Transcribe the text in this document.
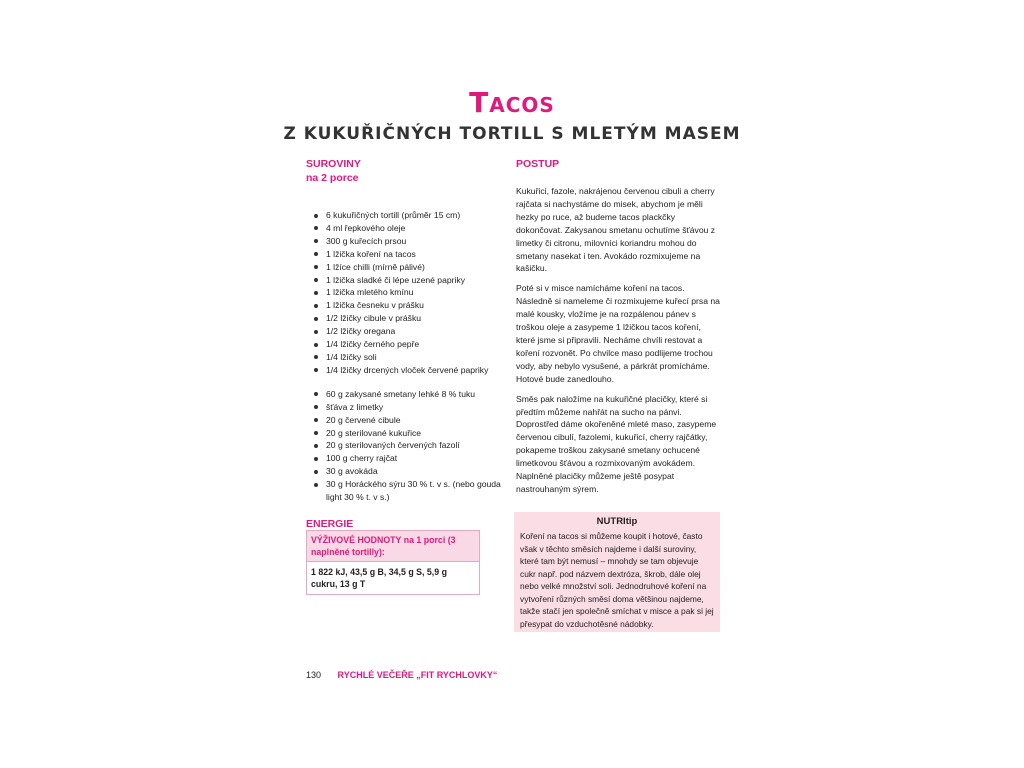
Tacos
Z KUKUŘIČNÝCH TORTILL S MLETÝM MASEM
SUROVINY
na 2 porce
6 kukuřičných tortill (průměr 15 cm)
4 ml řepkového oleje
300 g kuřecích prsou
1 lžička koření na tacos
1 lžíce chilli (mírně pálivé)
1 lžička sladké či lépe uzené papriky
1 lžička mletého kmínu
1 lžička česneku v prášku
1/2 lžičky cibule v prášku
1/2 lžičky oregana
1/4 lžičky černého pepře
1/4 lžičky soli
1/4 lžičky drcených vloček červené papriky
60 g zakysané smetany lehké 8 % tuku
šťáva z limetky
20 g červené cibule
20 g sterilované kukuřice
20 g sterilovaných červených fazolí
100 g cherry rajčat
30 g avokáda
30 g Horáckého sýru 30 % t. v s. (nebo gouda light 30 % t. v s.)
ENERGIE
VÝŽIVOVÉ HODNOTY na 1 porci (3 naplněné tortilly):
1 822 kJ, 43,5 g B, 34,5 g S, 5,9 g cukru, 13 g T
POSTUP

Kukuřici, fazole, nakrájenou červenou cibuli a cherry rajčata si nachystáme do misek, abychom je měli hezky po ruce, až budeme tacos plackčky dokončovat. Zakysanou smetanu ochutíme šťávou z limetky či citronu, milovníci koriandru mohou do smetany nasekat i ten. Avokádo rozmixujeme na kašičku.

Poté si v misce namícháme koření na tacos. Následně si nameleme či rozmixujeme kuřecí prsa na malé kousky, vložíme je na rozpálenou pánev s troškou oleje a zasypeme 1 lžičkou tacos koření, které jsme si připravili. Necháme chvíli restovat a koření rozvonět. Po chvilce maso podlijeme trochou vody, aby nebylo vysušené, a párkrát promícháme. Hotové bude zanedlouho.

Směs pak naložíme na kukuřičné placičky, které si předtím můžeme nahřát na sucho na pánvi. Doprostřed dáme okořeněné mleté maso, zasypeme červenou cibulí, fazolemi, kukuřicí, cherry rajčátky, pokapeme troškou zakysané smetany ochucené limetkovou šťávou a rozmixovaným avokádem. Naplněné placičky můžeme ještě posypat nastrouhaným sýrem.

NUTRItip
Koření na tacos si můžeme koupit i hotové, často však v těchto směsích najdeme i další suroviny, které tam být nemusí – mnohdy se tam objevuje cukr např. pod názvem dextróza, škrob, dále olej nebo velké množství soli. Jednodruhové koření na vytvoření různých směsí doma většinou najdeme, takže stačí jen společně smíchat v misce a pak si jej přesypat do vzduchotěsné nádobky.
130 RYCHLÉ VEČEŘE „FIT RYCHLOVKY“
